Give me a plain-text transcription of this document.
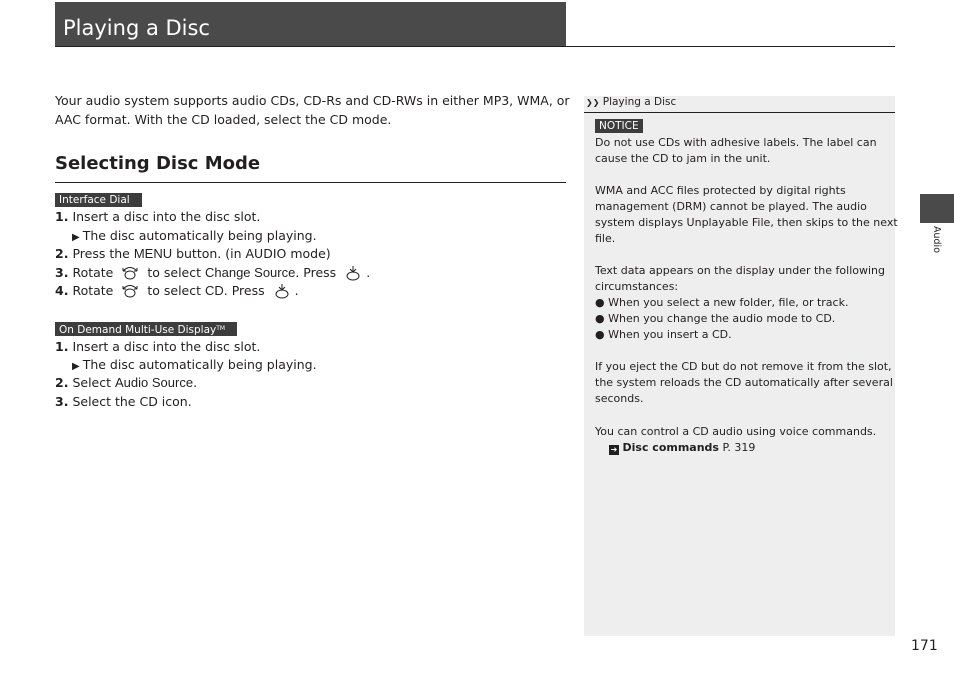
Playing a Disc
Your audio system supports audio CDs, CD-Rs and CD-RWs in either MP3, WMA, or
AAC format. With the CD loaded, select the CD mode.
Selecting Disc Mode
Interface Dial
1. Insert a disc into the disc slot.
▶ The disc automatically being playing.
2. Press the MENU button. (in AUDIO mode)
3. Rotate	to select Change Source. Press .
4. Rotate	to select CD. Press .
On Demand Multi-Use Display™
1. Insert a disc into the disc slot.
▶ The disc automatically being playing.
2. Select Audio Source.
3. Select the CD icon.
❯❯ Playing a Disc
NOTICE
Do not use CDs with adhesive labels. The label can
cause the CD to jam in the unit.
WMA and ACC files protected by digital rights
management (DRM) cannot be played. The audio
system displays Unplayable File, then skips to the next
file.
Text data appears on the display under the following
circumstances:
● When you select a new folder, file, or track.
● When you change the audio mode to CD.
● When you insert a CD.
If you eject the CD but do not remove it from the slot,
the system reloads the CD automatically after several
seconds.
You can control a CD audio using voice commands.
➜ Disc commands P. 319
Audio
171
